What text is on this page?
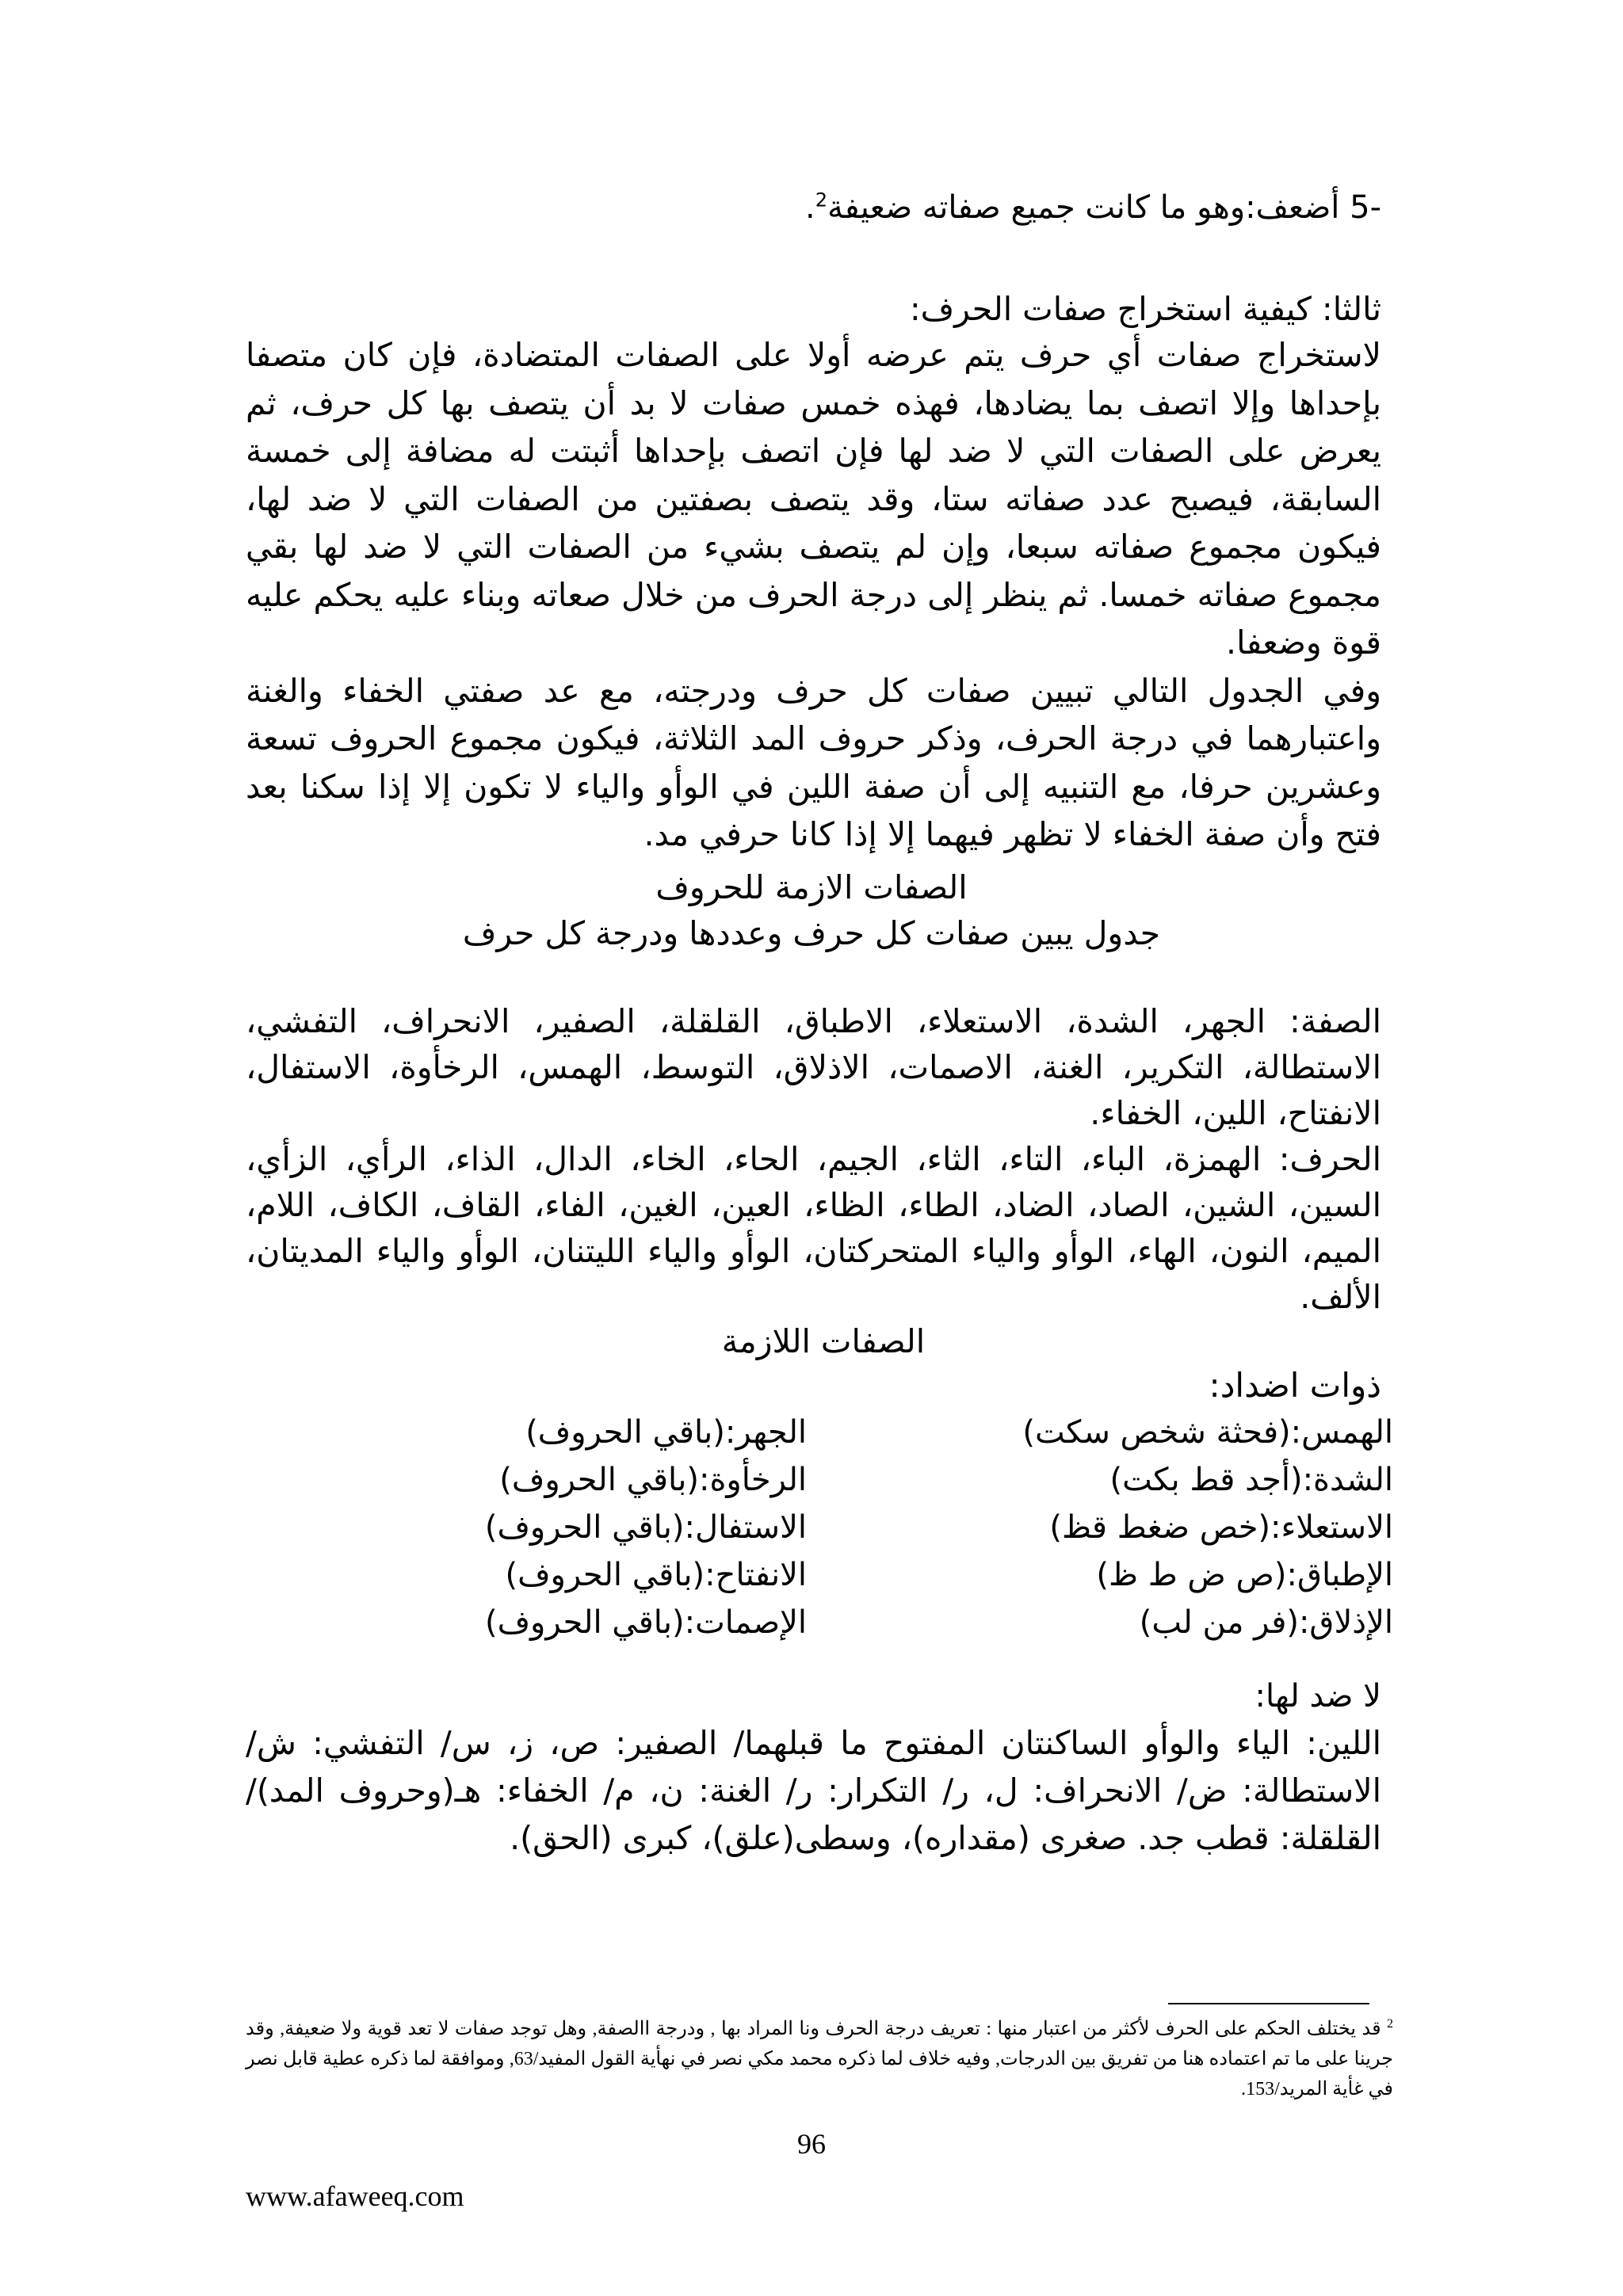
-5 أضعف:وهو ما كانت جميع صفاته ضعيفة$^2$.
ثالثا: كيفية استخراج صفات الحرف:
لاستخراج صفات أي حرف يتم عرضه أولا على الصفات المتضادة، فإن كان متصفا بإحداها وإلا اتصف بما يضادها، فهذه خمس صفات لا بد أن يتصف بها كل حرف، ثم يعرض على الصفات التي لا ضد لها فإن اتصف بإحداها أثبتت له مضافة إلى خمسة السابقة، فيصبح عدد صفاته ستا، وقد يتصف بصفتين من الصفات التي لا ضد لها، فيكون مجموع صفاته سبعا، وإن لم يتصف بشيء من الصفات التي لا ضد لها بقي مجموع صفاته خمسا. ثم ينظر إلى درجة الحرف من خلال صعاته وبناء عليه يحكم عليه قوة وضعفا.
وفي الجدول التالي تبيين صفات كل حرف ودرجته، مع عد صفتي الخفاء والغنة واعتبارهما في درجة الحرف، وذكر حروف المد الثلاثة، فيكون مجموع الحروف تسعة وعشرين حرفا، مع التنبيه إلى أن صفة اللين في الوأو والياء لا تكون إلا إذا سكنا بعد فتح وأن صفة الخفاء لا تظهر فيهما إلا إذا كانا حرفي مد.
الصفات الازمة للحروف
جدول يبين صفات كل حرف وعددها ودرجة كل حرف

الصفة: الجهر، الشدة، الاستعلاء، الاطباق، القلقلة، الصفير، الانحراف، التفشي، الاستطالة، التكرير، الغنة، الاصمات، الاذلاق، التوسط، الهمس، الرخأوة، الاستفال، الانفتاح، اللين، الخفاء.

الحرف: الهمزة، الباء، التاء، الثاء، الجيم، الحاء، الخاء، الدال، الذاء، الرأي، الزأي، السين، الشين، الصاد، الضاد، الطاء، الظاء، العين، الغين، الفاء، القاف، الكاف، اللام، الميم، النون، الهاء، الوأو والياء المتحركتان، الوأو والياء الليتنان، الوأو والياء المديتان، الألف.

الصفات اللازمة
ذوات اضداد:
الهمس:(فحثة شخص سكت)
الشدة:(أجد قط بكت)
الاستعلاء:(خص ضغط قظ)
الإطباق:(ص ض ط ظ)
الإذلاق:(فر من لب)
الجهر:(باقي الحروف)
الرخأوة:(باقي الحروف)
الاستفال:(باقي الحروف)
الانفتاح:(باقي الحروف)
الإصمات:(باقي الحروف)
لا ضد لها:
اللين: الياء والوأو الساكنتان المفتوح ما قبلهما/ الصفير: ص، ز، س/ التفشي: ش/ الاستطالة: ض/ الانحراف: ل، ر/ التكرار: ر/ الغنة: ن، م/ الخفاء: هـ(وحروف المد)/ القلقلة: قطب جد. صغرى (مقداره)، وسطى(علق)، كبرى (الحق).
$^2$ قد يختلف الحكم على الحرف لأكثر من اعتبار منها : تعريف درجة الحرف ونا المراد بها , ودرجة االصفة, وهل توجد صفات لا تعد قوية ولا ضعيفة, وقد جرينا على ما تم اعتماده هنا من تفريق بين الدرجات, وفيه خلاف لما ذكره محمد مكي نصر في نهأية القول المفيد/63, وموافقة لما ذكره عطية قابل نصر في غأية المريد/153.
96
www.afaweeq.com
